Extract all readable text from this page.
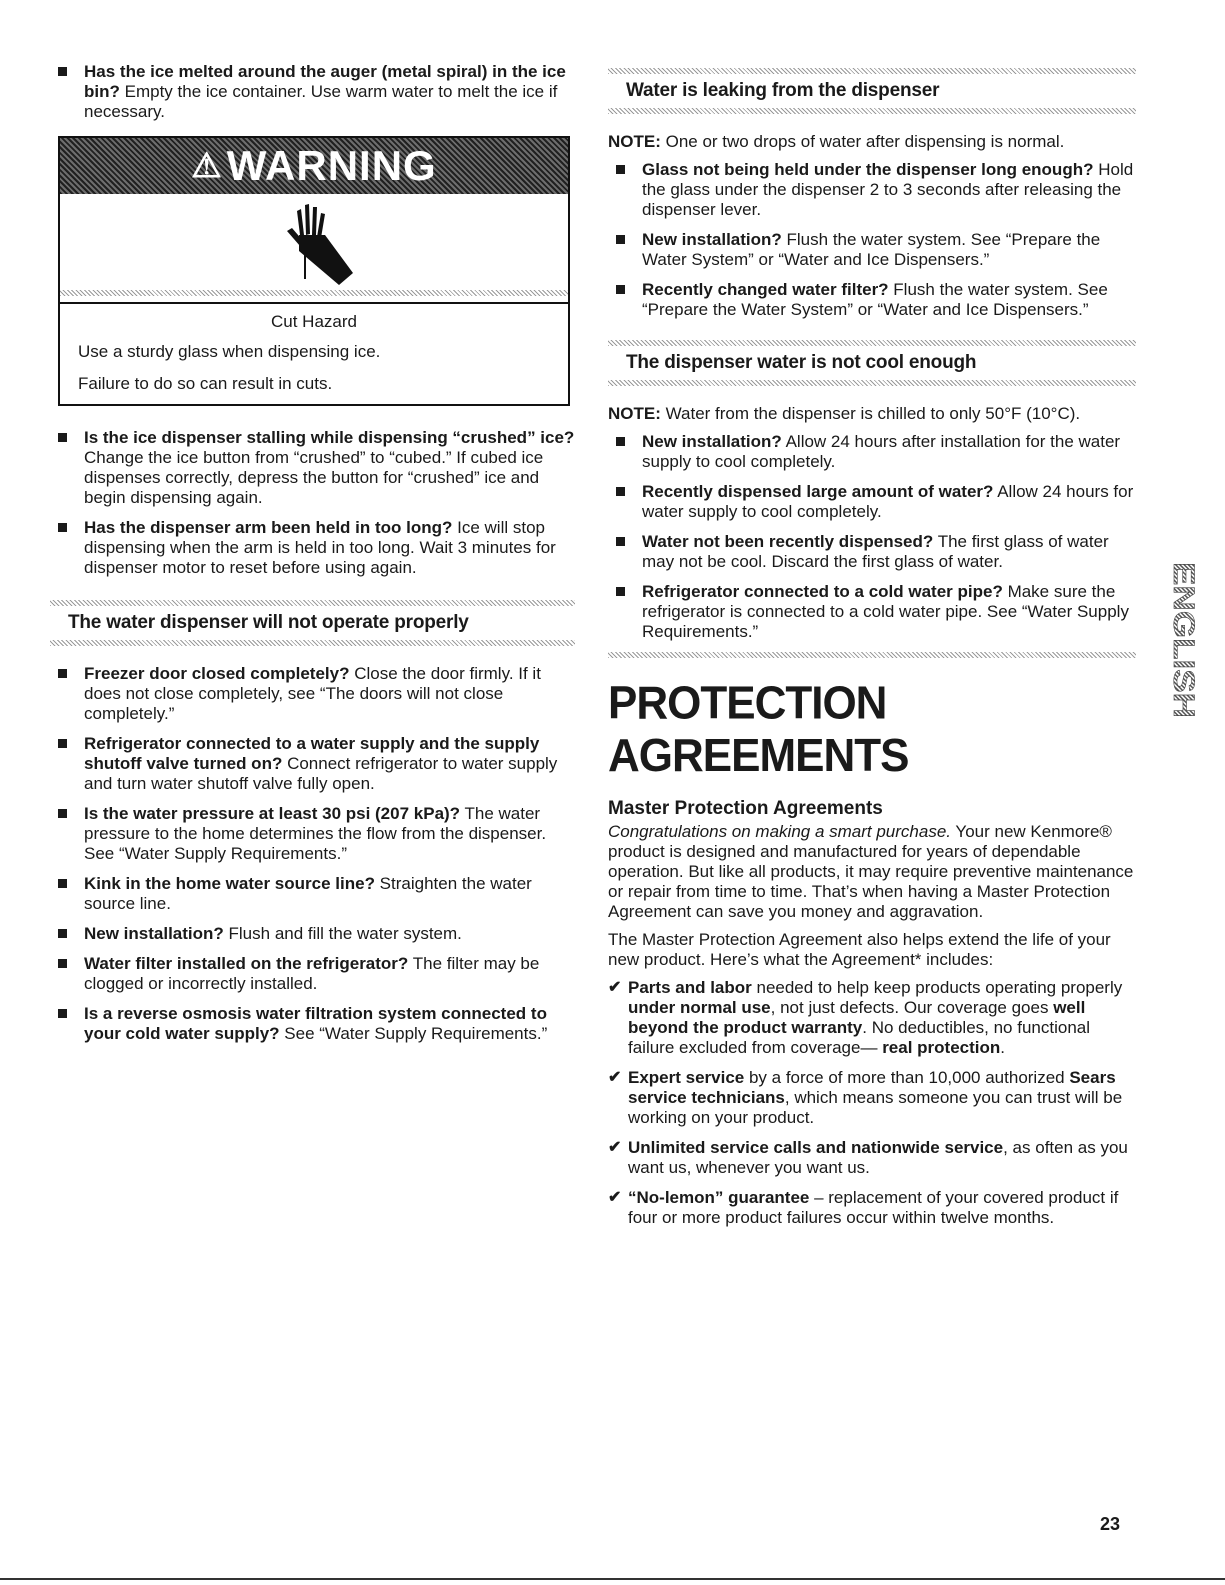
Has the ice melted around the auger (metal spiral) in the ice bin? Empty the ice container. Use warm water to melt the ice if necessary.
⚠ WARNING
Cut Hazard

Use a sturdy glass when dispensing ice.

Failure to do so can result in cuts.

Is the ice dispenser stalling while dispensing “crushed” ice? Change the ice button from “crushed” to “cubed.” If cubed ice dispenses correctly, depress the button for “crushed” ice and begin dispensing again.
Has the dispenser arm been held in too long? Ice will stop dispensing when the arm is held in too long. Wait 3 minutes for dispenser motor to reset before using again.
The water dispenser will not operate properly
Freezer door closed completely? Close the door firmly. If it does not close completely, see “The doors will not close completely.”
Refrigerator connected to a water supply and the supply shutoff valve turned on? Connect refrigerator to water supply and turn water shutoff valve fully open.
Is the water pressure at least 30 psi (207 kPa)? The water pressure to the home determines the flow from the dispenser. See “Water Supply Requirements.”
Kink in the home water source line? Straighten the water source line.
New installation? Flush and fill the water system.
Water filter installed on the refrigerator? The filter may be clogged or incorrectly installed.
Is a reverse osmosis water filtration system connected to your cold water supply? See “Water Supply Requirements.”
Water is leaking from the dispenser
NOTE: One or two drops of water after dispensing is normal.
Glass not being held under the dispenser long enough? Hold the glass under the dispenser 2 to 3 seconds after releasing the dispenser lever.
New installation? Flush the water system. See “Prepare the Water System” or “Water and Ice Dispensers.”
Recently changed water filter? Flush the water system. See “Prepare the Water System” or “Water and Ice Dispensers.”
The dispenser water is not cool enough
NOTE: Water from the dispenser is chilled to only 50°F (10°C).
New installation? Allow 24 hours after installation for the water supply to cool completely.
Recently dispensed large amount of water? Allow 24 hours for water supply to cool completely.
Water not been recently dispensed? The first glass of water may not be cool. Discard the first glass of water.
Refrigerator connected to a cold water pipe? Make sure the refrigerator is connected to a cold water pipe. See “Water Supply Requirements.”
PROTECTION AGREEMENTS
Master Protection Agreements
Congratulations on making a smart purchase. Your new Kenmore® product is designed and manufactured for years of dependable operation. But like all products, it may require preventive maintenance or repair from time to time. That’s when having a Master Protection Agreement can save you money and aggravation.
The Master Protection Agreement also helps extend the life of your new product. Here’s what the Agreement* includes:
✔ Parts and labor needed to help keep products operating properly under normal use, not just defects. Our coverage goes well beyond the product warranty. No deductibles, no functional failure excluded from coverage— real protection.
✔ Expert service by a force of more than 10,000 authorized Sears service technicians, which means someone you can trust will be working on your product.
✔ Unlimited service calls and nationwide service, as often as you want us, whenever you want us.
✔ “No-lemon” guarantee – replacement of your covered product if four or more product failures occur within twelve months.
ENGLISH
23
